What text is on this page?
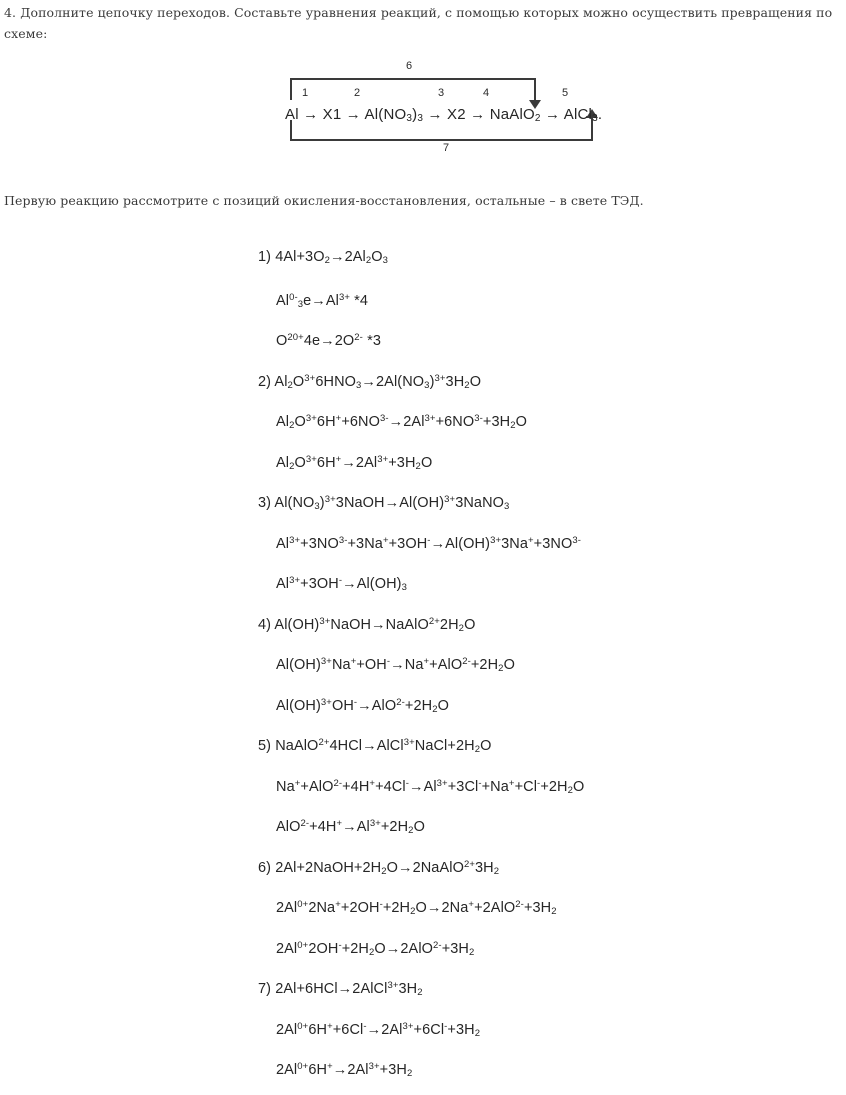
4. Дополните цепочку переходов. Составьте уравнения реакций, с помощью которых можно осуществить превращения по схеме:
1	2	3	4	5
6
7
$Al \to X1 \to Al(NO_3)_3 \to X2$ → NaAlO$_2$ → AlCl$_3$.
Первую реакцию рассмотрите с позиций окисления-восстановления, остальные – в свете ТЭД.
1) $4Al+3O_2\to 2Al_2O_3$
$Al^{0-}_3e\to Al^{3+}$ *4
$O^{20+}4e\to 2O^{2-}$ *3
2) $Al_2O^{3+}6HNO_3\to 2Al(NO_3)^{3+}3H_2O$
$Al_2O^{3+}6H^++6NO^{3-}\to 2Al^{3+}+6NO^{3-}+3H_2O$
$Al_2O^{3+}6H^+\to 2Al^{3+}+3H_2O$
3) $Al(NO_3)^{3+}3NaOH\to Al(OH)^{3+}3NaNO_3$
$Al^{3+}+3NO^{3-}+3Na^++3OH^-\to Al(OH)^{3+}3Na^++3NO^{3-}$
$Al^{3+}+3OH^-\to Al(OH)_3$
4) $Al(OH)^{3+}NaOH\to NaAlO^{2+}2H_2O$
$Al(OH)^{3+}Na^++OH^-\to Na^++AlO^{2-}+2H_2O$
$Al(OH)^{3+}OH^-\to AlO^{2-}+2H_2O$
5) $NaAlO^{2+}4HCl\to AlCl^{3+}NaCl+2H_2O$
$Na^++AlO^{2-}+4H^++4Cl^-\to Al^{3+}+3Cl^-+Na^++Cl^-+2H_2O$
$AlO^{2-}+4H^+\to Al^{3+}+2H_2O$
6) $2Al+2NaOH+2H_2O\to 2NaAlO^{2+}3H_2$
$2Al^{0+}2Na^++2OH^-+2H_2O\to 2Na^++2AlO^{2-}+3H_2$
$2Al^{0+}2OH^-+2H_2O\to 2AlO^{2-}+3H_2$
7) $2Al+6HCl\to 2AlCl^{3+}3H_2$
$2Al^{0+}6H^++6Cl^-\to 2Al^{3+}+6Cl^-+3H_2$
$2Al^{0+}6H^+\to 2Al^{3+}+3H_2$
